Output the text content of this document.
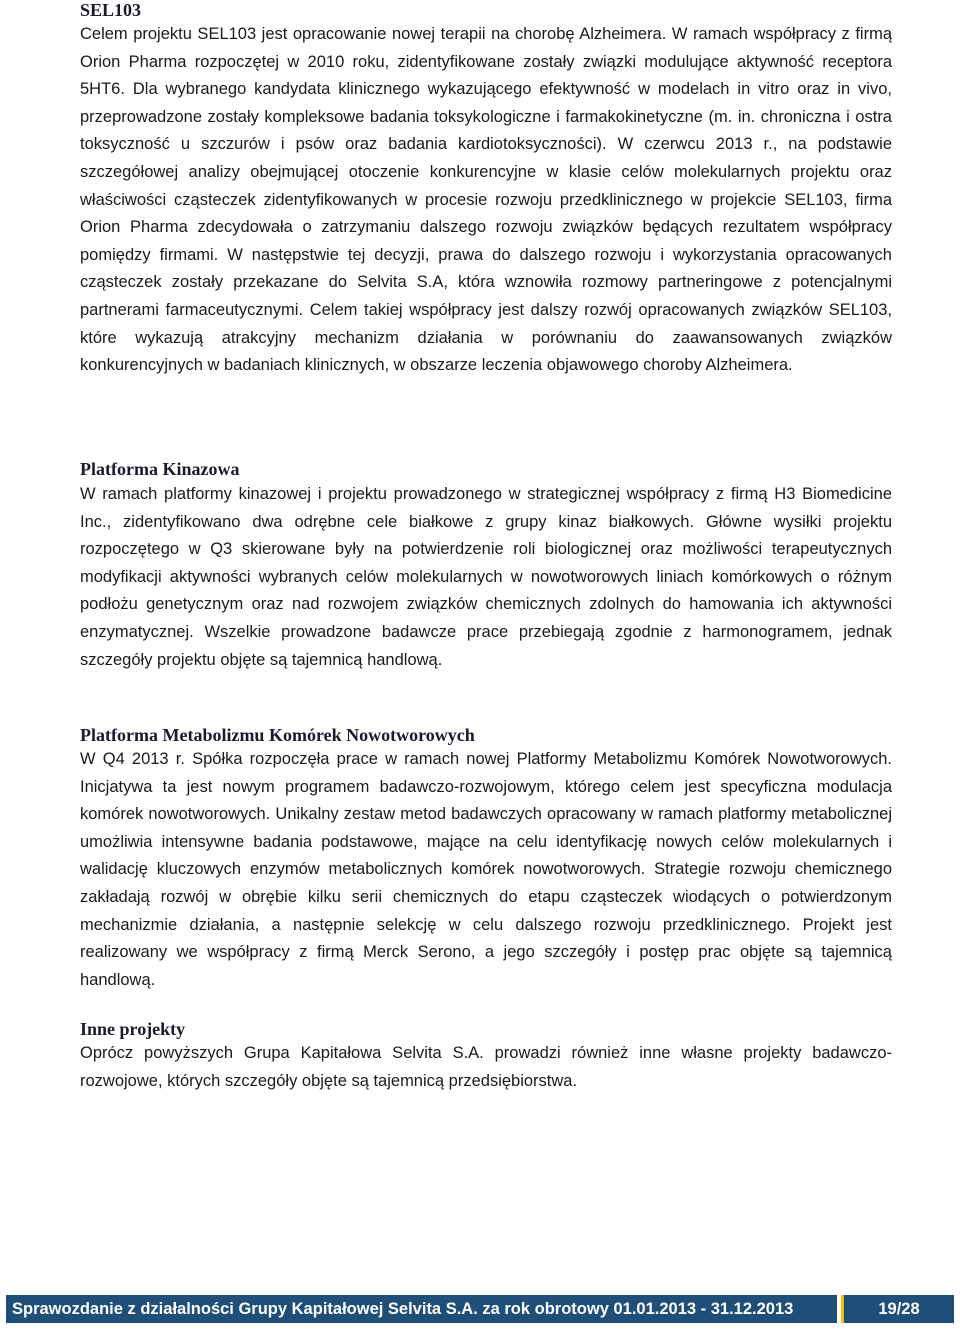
SEL103

Celem projektu SEL103 jest opracowanie nowej terapii na chorobę Alzheimera. W ramach współpracy z firmą Orion Pharma rozpoczętej w 2010 roku, zidentyfikowane zostały związki modulujące aktywność receptora 5HT6. Dla wybranego kandydata klinicznego wykazującego efektywność w modelach in vitro oraz in vivo, przeprowadzone zostały kompleksowe badania toksykologiczne i farmakokinetyczne (m. in. chroniczna i ostra toksyczność u szczurów i psów oraz badania kardiotoksyczności). W czerwcu 2013 r., na podstawie szczegółowej analizy obejmującej otoczenie konkurencyjne w klasie celów molekularnych projektu oraz właściwości cząsteczek zidentyfikowanych w procesie rozwoju przedklinicznego w projekcie SEL103, firma Orion Pharma zdecydowała o zatrzymaniu dalszego rozwoju związków będących rezultatem współpracy pomiędzy firmami. W następstwie tej decyzji, prawa do dalszego rozwoju i wykorzystania opracowanych cząsteczek zostały przekazane do Selvita S.A, która wznowiła rozmowy partneringowe z potencjalnymi partnerami farmaceutycznymi. Celem takiej współpracy jest dalszy rozwój opracowanych związków SEL103, które wykazują atrakcyjny mechanizm działania w porównaniu do zaawansowanych związków konkurencyjnych w badaniach klinicznych, w obszarze leczenia objawowego choroby Alzheimera.

Platforma Kinazowa

W ramach platformy kinazowej i projektu prowadzonego w strategicznej współpracy z firmą H3 Biomedicine Inc., zidentyfikowano dwa odrębne cele białkowe z grupy kinaz białkowych. Główne wysiłki projektu rozpoczętego w Q3 skierowane były na potwierdzenie roli biologicznej oraz możliwości terapeutycznych modyfikacji aktywności wybranych celów molekularnych w nowotworowych liniach komórkowych o różnym podłożu genetycznym oraz nad rozwojem związków chemicznych zdolnych do hamowania ich aktywności enzymatycznej. Wszelkie prowadzone badawcze prace przebiegają zgodnie z harmonogramem, jednak szczegóły projektu objęte są tajemnicą handlową.

Platforma Metabolizmu Komórek Nowotworowych

W Q4 2013 r. Spółka rozpoczęła prace w ramach nowej Platformy Metabolizmu Komórek Nowotworowych. Inicjatywa ta jest nowym programem badawczo-rozwojowym, którego celem jest specyficzna modulacja komórek nowotworowych. Unikalny zestaw metod badawczych opracowany w ramach platformy metabolicznej umożliwia intensywne badania podstawowe, mające na celu identyfikację nowych celów molekularnych i walidację kluczowych enzymów metabolicznych komórek nowotworowych. Strategie rozwoju chemicznego zakładają rozwój w obrębie kilku serii chemicznych do etapu cząsteczek wiodących o potwierdzonym mechanizmie działania, a następnie selekcję w celu dalszego rozwoju przedklinicznego. Projekt jest realizowany we współpracy z firmą Merck Serono, a jego szczegóły i postęp prac objęte są tajemnicą handlową.

Inne projekty

Oprócz powyższych Grupa Kapitałowa Selvita S.A. prowadzi również inne własne projekty badawczo-rozwojowe, których szczegóły objęte są tajemnicą przedsiębiorstwa.

Sprawozdanie z działalności Grupy Kapitałowej Selvita S.A. za rok obrotowy 01.01.2013 - 31.12.2013	19/28
